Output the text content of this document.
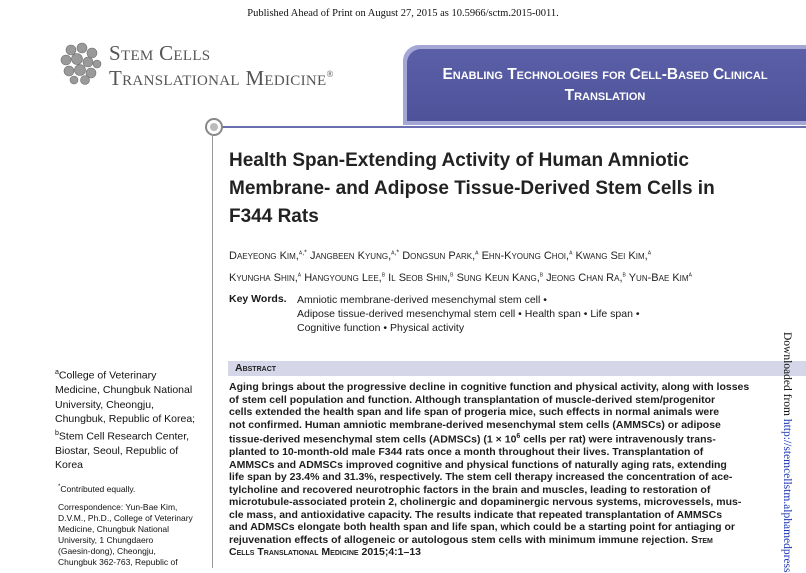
Published Ahead of Print on August 27, 2015 as 10.5966/sctm.2015-0011.
Stem Cells
Translational Medicine®	Enabling Technologies for Cell-Based Clinical
Translation
Health Span-Extending Activity of Human Amniotic
Membrane- and Adipose Tissue-Derived Stem Cells in
F344 Rats
Daeyeong Kim,$^{a,*}$ Jangbeen Kyung,$^{a,*}$ Dongsun Park,$^a$ Ehn-Kyoung Choi,$^a$ Kwang Sei Kim,$^a$
Kyungha Shin,$^a$ Hangyoung Lee,$^b$ Il Seob Shin,$^b$ Sung Keun Kang,$^b$ Jeong Chan Ra,$^b$ Yun-Bae Kim$^a$
Key Words. Amniotic membrane-derived mesenchymal stem cell •
Adipose tissue-derived mesenchymal stem cell • Health span • Life span •
Cognitive function • Physical activity
Abstract
Aging brings about the progressive decline in cognitive function and physical activity, along with losses
of stem cell population and function. Although transplantation of muscle-derived stem/progenitor
cells extended the health span and life span of progeria mice, such effects in normal animals were
not confirmed. Human amniotic membrane-derived mesenchymal stem cells (AMMSCs) or adipose
tissue-derived mesenchymal stem cells (ADMSCs) ($1 \times 10^6$ cells per rat) were intravenously trans-
planted to 10-month-old male F344 rats once a month throughout their lives. Transplantation of
AMMSCs and ADMSCs improved cognitive and physical functions of naturally aging rats, extending
life span by 23.4% and 31.3%, respectively. The stem cell therapy increased the concentration of ace-
tylcholine and recovered neurotrophic factors in the brain and muscles, leading to restoration of
microtubule-associated protein 2, cholinergic and dopaminergic nervous systems, microvessels, mus-
cle mass, and antioxidative capacity. The results indicate that repeated transplantation of AMMSCs
and ADMSCs elongate both health span and life span, which could be a starting point for antiaging or
rejuvenation effects of allogeneic or autologous stem cells with minimum immune rejection. Stem
Cells Translational Medicine 2015;4:1–13
$^a$College of Veterinary Medicine, Chungbuk National University, Cheongju, Chungbuk, Republic of Korea;
$^b$Stem Cell Research Center, Biostar, Seoul, Republic of Korea
*Contributed equally.
Correspondence: Yun-Bae Kim,
D.V.M., Ph.D., College of Veterinary
Medicine, Chungbuk National
University, 1 Chungdaero
(Gaesin-dong), Cheongju,
Chungbuk 362-763, Republic of
Downloaded from http://stemcellstm.alphamedpress
